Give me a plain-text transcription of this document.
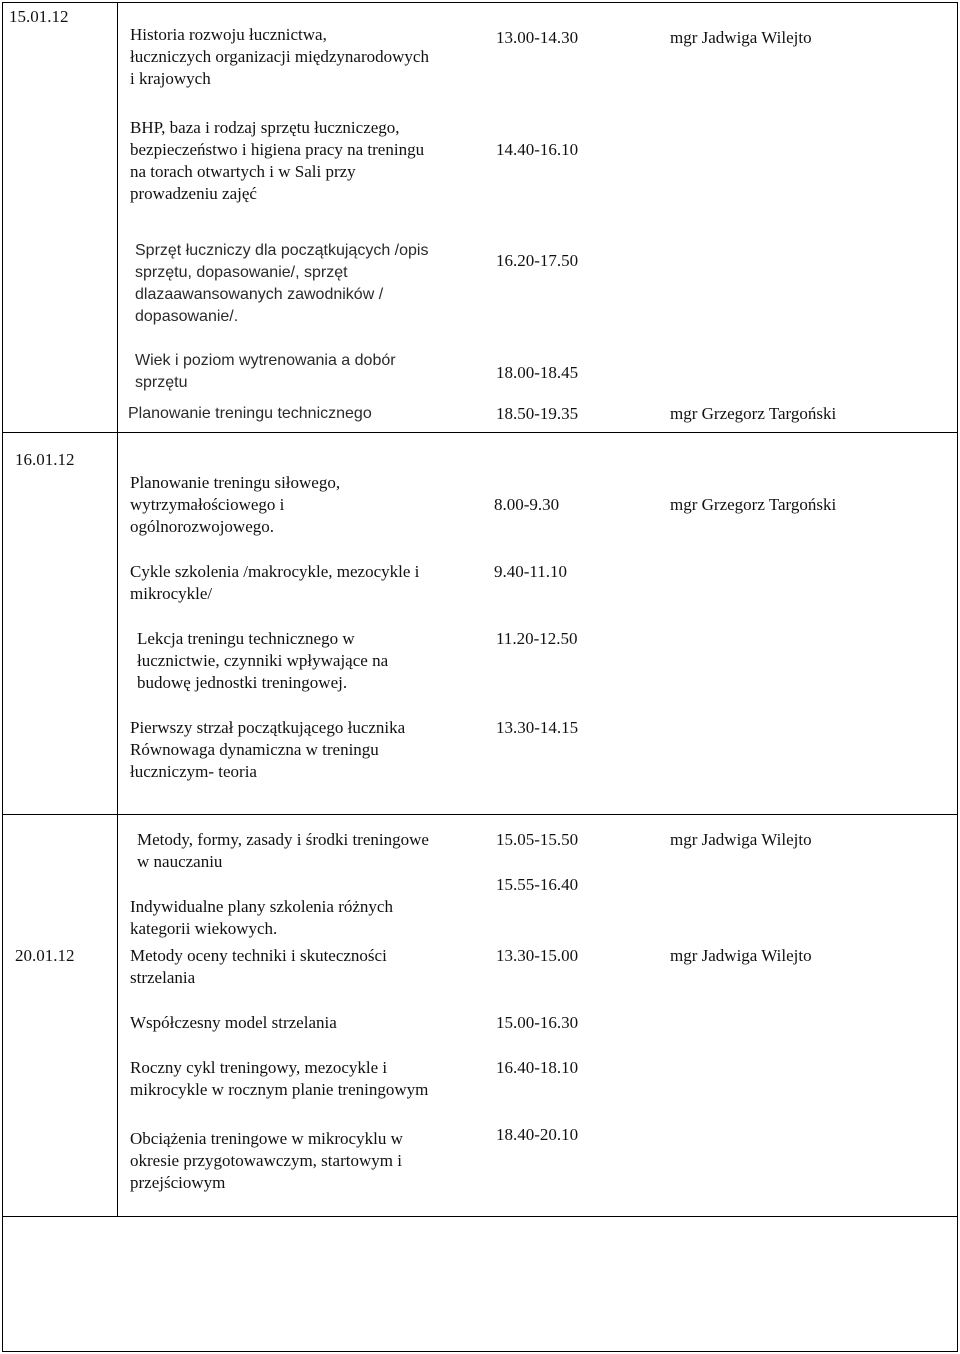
15.01.12
Historia rozwoju łucznictwa,
łuczniczych organizacji międzynarodowych
i krajowych
13.00-14.30	mgr Jadwiga Wilejto
BHP, baza i rodzaj sprzętu łuczniczego,
bezpieczeństwo i higiena pracy na treningu
na torach otwartych i w Sali przy
prowadzeniu zajęć
14.40-16.10
Sprzęt łuczniczy dla początkujących /opis
sprzętu, dopasowanie/, sprzęt
dlazaawansowanych zawodników /
dopasowanie/.
16.20-17.50
Wiek i poziom wytrenowania a dobór
sprzętu
18.00-18.45
Planowanie treningu technicznego	18.50-19.35	mgr Grzegorz Targoński
16.01.12
Planowanie treningu siłowego,
wytrzymałościowego i
ogólnorozwojowego.
8.00-9.30	mgr Grzegorz Targoński
Cykle szkolenia /makrocykle, mezocykle i
mikrocykle/
9.40-11.10
Lekcja treningu technicznego w
łucznictwie, czynniki wpływające na
budowę jednostki treningowej.
11.20-12.50
Pierwszy strzał początkującego łucznika
Równowaga dynamiczna w treningu
łuczniczym- teoria
13.30-14.15
Metody, formy, zasady i środki treningowe
w nauczaniu
15.05-15.50	mgr Jadwiga Wilejto
Indywidualne plany szkolenia różnych
kategorii wiekowych.
15.55-16.40
20.01.12	Metody oceny techniki i skuteczności
strzelania
13.30-15.00	mgr Jadwiga Wilejto
Współczesny model strzelania	15.00-16.30
Roczny cykl treningowy, mezocykle i
mikrocykle w rocznym planie treningowym
16.40-18.10
Obciążenia treningowe w mikrocyklu w
okresie przygotowawczym, startowym i
przejściowym
18.40-20.10
